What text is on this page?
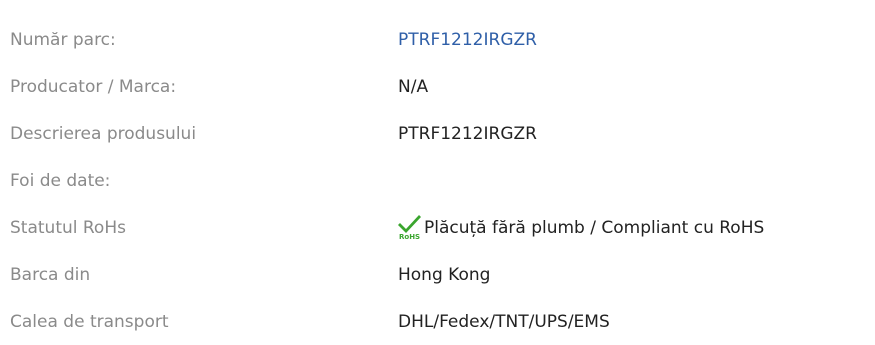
Număr parc:	PTRF1212IRGZR
Producator / Marca:	N/A
Descrierea produsului	PTRF1212IRGZR
Foi de date:
Statutul RoHs	RoHS Plăcuță fără plumb / Compliant cu RoHS
Barca din	Hong Kong
Calea de transport	DHL/Fedex/TNT/UPS/EMS
